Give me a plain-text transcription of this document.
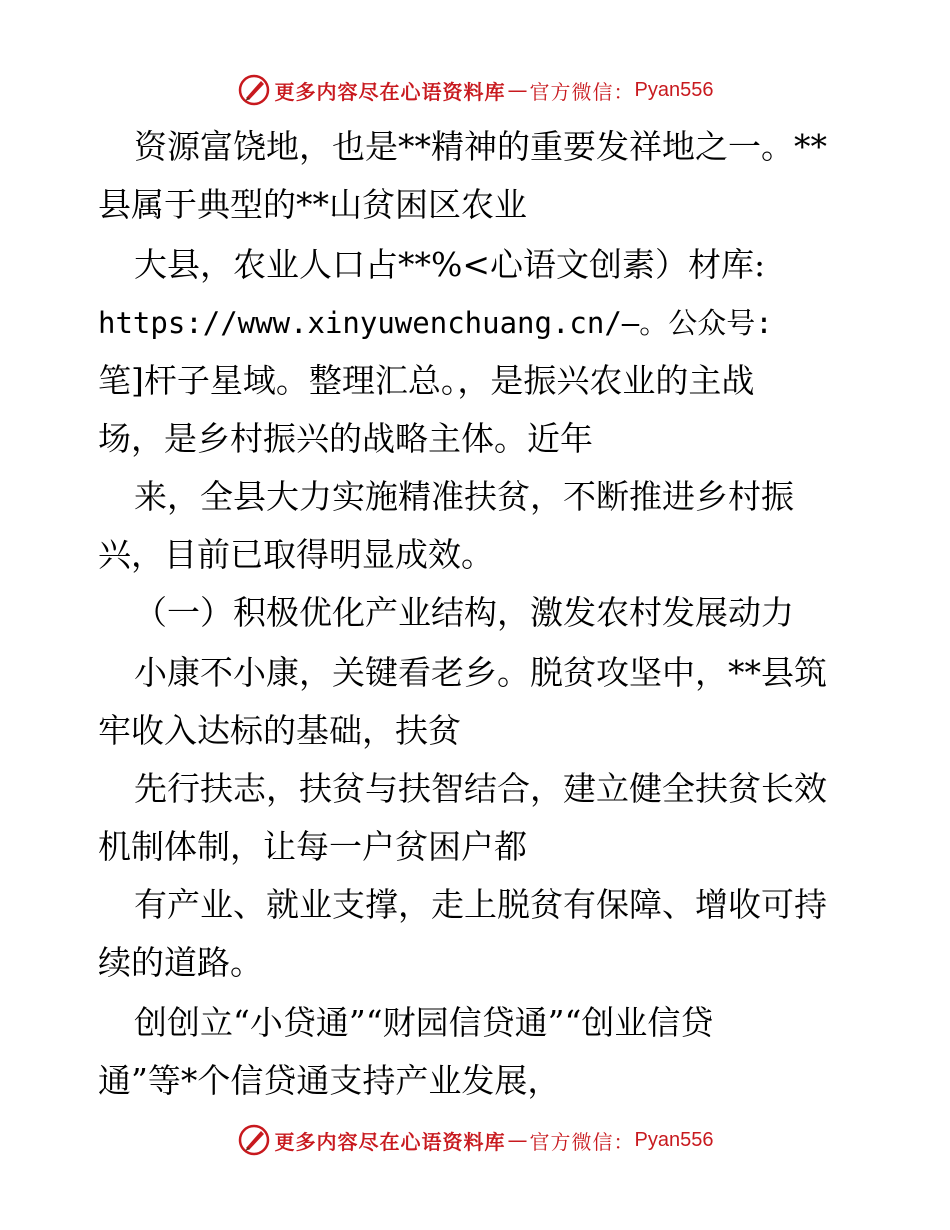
更多内容尽在心语资料库 — 官方微信： Pyan556
资源富饶地，也是**精神的重要发祥地之一。**
县属于典型的**山贫困区农业
大县，农业人口占**%<心语文创素）材库:
https://www.xinyuwenchuang.cn/—。公众号:
笔]杆子星域。整理汇总。，是振兴农业的主战
场，是乡村振兴的战略主体。近年
来，全县大力实施精准扶贫，不断推进乡村振
兴，目前已取得明显成效。
（一）积极优化产业结构，激发农村发展动力
小康不小康，关键看老乡。脱贫攻坚中，**县筑
牢收入达标的基础，扶贫
先行扶志，扶贫与扶智结合，建立健全扶贫长效
机制体制，让每一户贫困户都
有产业、就业支撑，走上脱贫有保障、增收可持
续的道路。
创创立“小贷通”“财园信贷通”“创业信贷
通”等*个信贷通支持产业发展，
更多内容尽在心语资料库 — 官方微信： Pyan556
